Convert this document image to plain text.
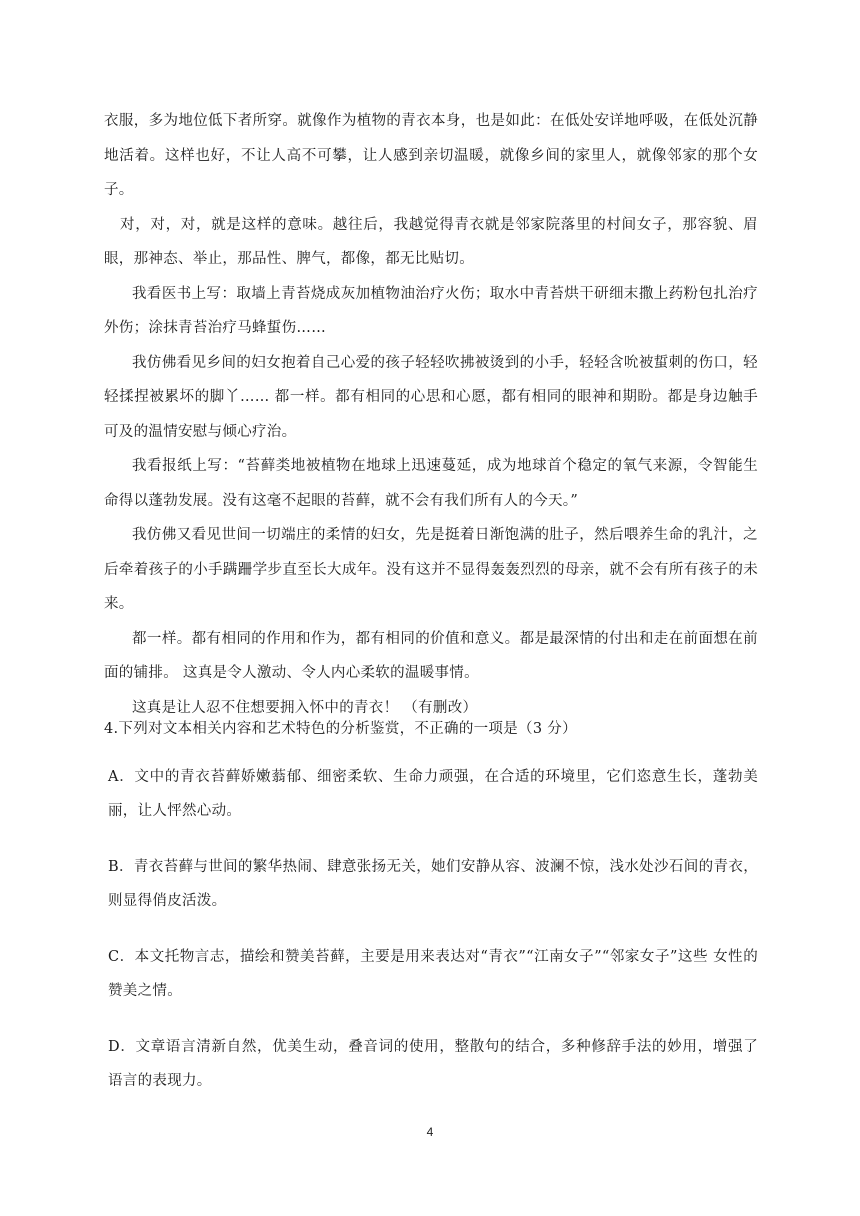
衣服，多为地位低下者所穿。就像作为植物的青衣本身，也是如此：在低处安详地呼吸，在低处沉静地活着。这样也好，不让人高不可攀，让人感到亲切温暖，就像乡间的家里人，就像邻家的那个女子。

对，对，对，就是这样的意味。越往后，我越觉得青衣就是邻家院落里的村间女子，那容貌、眉眼，那神态、举止，那品性、脾气，都像，都无比贴切。

我看医书上写：取墙上青苔烧成灰加植物油治疗火伤；取水中青苔烘干研细末撒上药粉包扎治疗外伤；涂抹青苔治疗马蜂蜇伤……

我仿佛看见乡间的妇女抱着自己心爱的孩子轻轻吹拂被烫到的小手，轻轻含吮被蜇刺的伤口，轻轻揉捏被累坏的脚丫…… 都一样。都有相同的心思和心愿，都有相同的眼神和期盼。都是身边触手可及的温情安慰与倾心疗治。

我看报纸上写：“苔藓类地被植物在地球上迅速蔓延，成为地球首个稳定的氧气来源，令智能生命得以蓬勃发展。没有这毫不起眼的苔藓，就不会有我们所有人的今天。”

我仿佛又看见世间一切端庄的柔情的妇女，先是挺着日渐饱满的肚子，然后喂养生命的乳汁，之后牵着孩子的小手蹒跚学步直至长大成年。没有这并不显得轰轰烈烈的母亲，就不会有所有孩子的未来。

都一样。都有相同的作用和作为，都有相同的价值和意义。都是最深情的付出和走在前面想在前面的铺排。 这真是令人激动、令人内心柔软的温暖事情。

这真是让人忍不住想要拥入怀中的青衣！ （有删改）

4.下列对文本相关内容和艺术特色的分析鉴赏，不正确的一项是（3 分）

A．文中的青衣苔藓娇嫩蓊郁、细密柔软、生命力顽强，在合适的环境里，它们恣意生长，蓬勃美丽，让人怦然心动。

B．青衣苔藓与世间的繁华热闹、肆意张扬无关，她们安静从容、波澜不惊，浅水处沙石间的青衣，则显得俏皮活泼。

C．本文托物言志，描绘和赞美苔藓，主要是用来表达对“青衣”“江南女子”“邻家女子”这些 女性的赞美之情。

D．文章语言清新自然，优美生动，叠音词的使用，整散句的结合，多种修辞手法的妙用，增强了 语言的表现力。

4
